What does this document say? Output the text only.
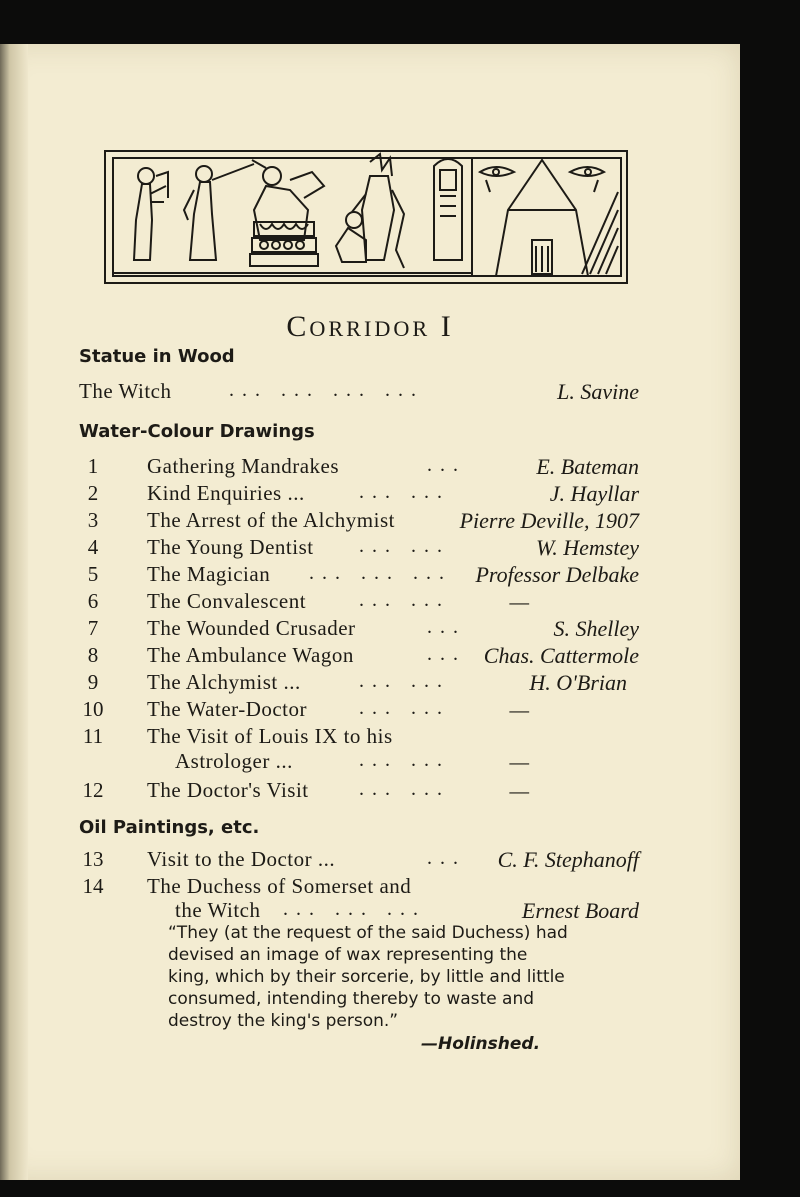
CORRIDOR I
Statue in Wood
The Witch	... ... ... ...	L. Savine
Water-Colour Drawings
1	Gathering Mandrakes	...	E. Bateman
2	Kind Enquiries ...	... ...	J. Hayllar
3	The Arrest of the Alchymist	Pierre Deville, 1907
4	The Young Dentist ... ...	W. Hemstey
5	The Magician ... ... ... Professor Delbake
6	The Convalescent	... ...	—
7	The Wounded Crusader	...	S. Shelley
8	The Ambulance Wagon	... Chas. Cattermole
9	The Alchymist ...	... ...	H. O'Brian
10 The Water-Doctor	... ...	—
11 The Visit of Louis IX to his
Astrologer ...	... ...	—
12 The Doctor's Visit	... ...	—
Oil Paintings, etc.
13 Visit to the Doctor ...	... C. F. Stephanoff
14 The Duchess of Somerset and
the Witch ... ... ...	Ernest Board
“They (at the request of the said Duchess) had devised an image of wax representing the king, which by their sorcerie, by little and little consumed, intending thereby to waste and destroy the king's person.”
—Holinshed.
